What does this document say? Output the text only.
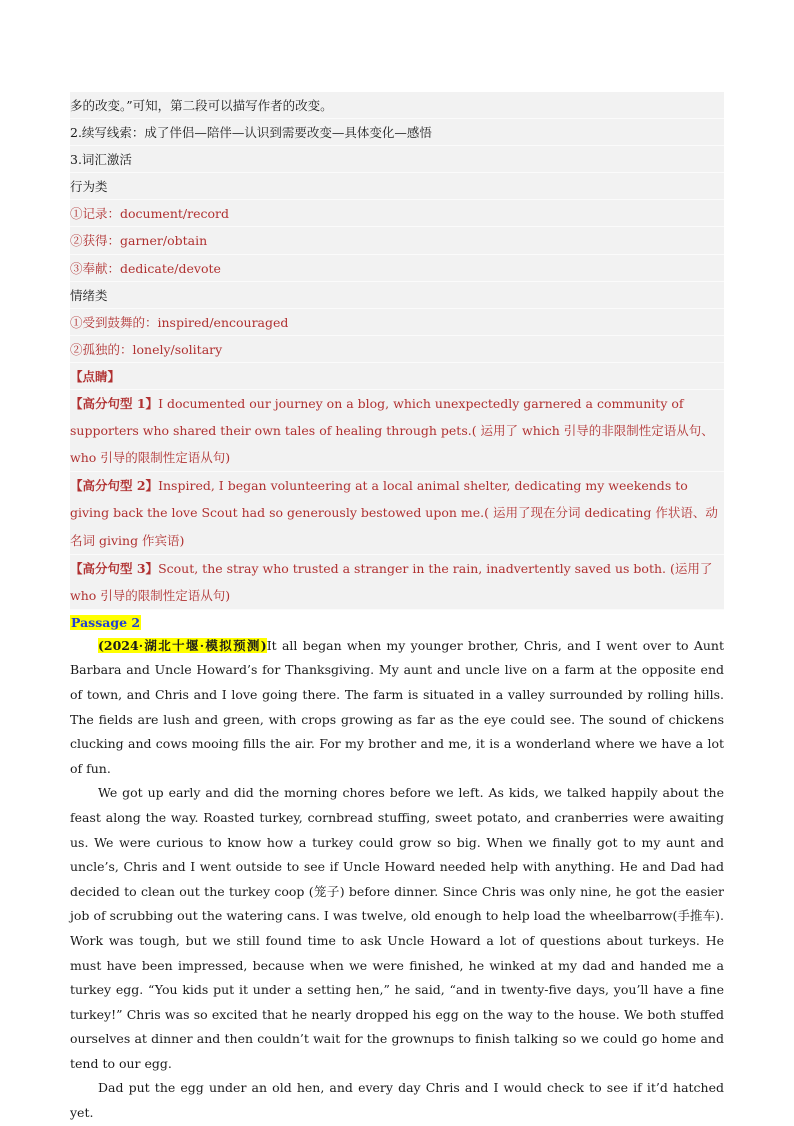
多的改变。”可知，第二段可以描写作者的改变。
2.续写线索：成了伴侣—陪伴—认识到需要改变—具体变化—感悟
3.词汇激活
行为类
①记录：document/record
②获得：garner/obtain
③奉献：dedicate/devote
情绪类
①受到鼓舞的：inspired/encouraged
②孤独的：lonely/solitary
【点睛】
【高分句型 1】I documented our journey on a blog, which unexpectedly garnered a community of supporters who shared their own tales of healing through pets.( 运用了 which 引导的非限制性定语从句、who 引导的限制性定语从句)
【高分句型 2】Inspired, I began volunteering at a local animal shelter, dedicating my weekends to giving back the love Scout had so generously bestowed upon me.( 运用了现在分词 dedicating 作状语、动名词 giving 作宾语)
【高分句型 3】Scout, the stray who trusted a stranger in the rain, inadvertently saved us both. (运用了 who 引导的限制性定语从句)
Passage 2

(2024·湖北十堰·模拟预测)It all began when my younger brother, Chris, and I went over to Aunt Barbara and Uncle Howard’s for Thanksgiving. My aunt and uncle live on a farm at the opposite end of town, and Chris and I love going there. The farm is situated in a valley surrounded by rolling hills. The fields are lush and green, with crops growing as far as the eye could see. The sound of chickens clucking and cows mooing fills the air. For my brother and me, it is a wonderland where we have a lot of fun.

We got up early and did the morning chores before we left. As kids, we talked happily about the feast along the way. Roasted turkey, cornbread stuffing, sweet potato, and cranberries were awaiting us. We were curious to know how a turkey could grow so big. When we finally got to my aunt and uncle’s, Chris and I went outside to see if Uncle Howard needed help with anything. He and Dad had decided to clean out the turkey coop (笼子) before dinner. Since Chris was only nine, he got the easier job of scrubbing out the watering cans. I was twelve, old enough to help load the wheelbarrow(手推车). Work was tough, but we still found time to ask Uncle Howard a lot of questions about turkeys. He must have been impressed, because when we were finished, he winked at my dad and handed me a turkey egg. “You kids put it under a setting hen,” he said, “and in twenty-five days, you’ll have a fine turkey!” Chris was so excited that he nearly dropped his egg on the way to the house. We both stuffed ourselves at dinner and then couldn’t wait for the grownups to finish talking so we could go home and tend to our egg.

Dad put the egg under an old hen, and every day Chris and I would check to see if it’d hatched yet.
